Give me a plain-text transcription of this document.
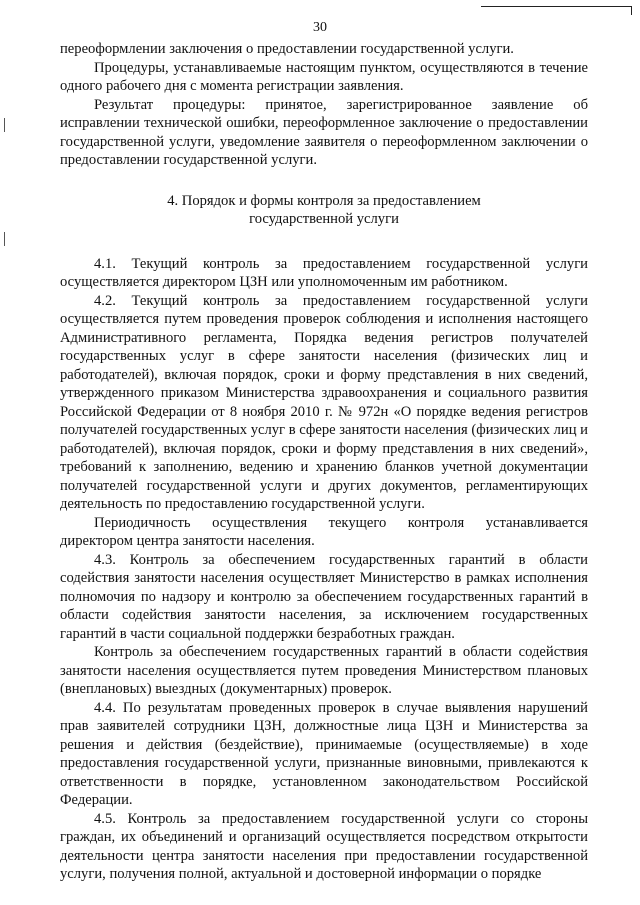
30

переоформлении заключения о предоставлении государственной услуги.

Процедуры, устанавливаемые настоящим пунктом, осуществляются в течение одного рабочего дня с момента регистрации заявления.

Результат процедуры: принятое, зарегистрированное заявление об исправлении технической ошибки, переоформленное заключение о предоставлении государственной услуги, уведомление заявителя о переоформленном заключении о предоставлении государственной услуги.

4. Порядок и формы контроля за предоставлением
государственной услуги

4.1. Текущий контроль за предоставлением государственной услуги осуществляется директором ЦЗН или уполномоченным им работником.

4.2. Текущий контроль за предоставлением государственной услуги осуществляется путем проведения проверок соблюдения и исполнения настоящего Административного регламента, Порядка ведения регистров получателей государственных услуг в сфере занятости населения (физических лиц и работодателей), включая порядок, сроки и форму представления в них сведений, утвержденного приказом Министерства здравоохранения и социального развития Российской Федерации от 8 ноября 2010 г. № 972н «О порядке ведения регистров получателей государственных услуг в сфере занятости населения (физических лиц и работодателей), включая порядок, сроки и форму представления в них сведений», требований к заполнению, ведению и хранению бланков учетной документации получателей государственной услуги и других документов, регламентирующих деятельность по предоставлению государственной услуги.

Периодичность осуществления текущего контроля устанавливается директором центра занятости населения.

4.3. Контроль за обеспечением государственных гарантий в области содействия занятости населения осуществляет Министерство в рамках исполнения полномочия по надзору и контролю за обеспечением государственных гарантий в области содействия занятости населения, за исключением государственных гарантий в части социальной поддержки безработных граждан.

Контроль за обеспечением государственных гарантий в области содействия занятости населения осуществляется путем проведения Министерством плановых (внеплановых) выездных (документарных) проверок.

4.4. По результатам проведенных проверок в случае выявления нарушений прав заявителей сотрудники ЦЗН, должностные лица ЦЗН и Министерства за решения и действия (бездействие), принимаемые (осуществляемые) в ходе предоставления государственной услуги, признанные виновными, привлекаются к ответственности в порядке, установленном законодательством Российской Федерации.

4.5. Контроль за предоставлением государственной услуги со стороны граждан, их объединений и организаций осуществляется посредством открытости деятельности центра занятости населения при предоставлении государственной услуги, получения полной, актуальной и достоверной информации о порядке
